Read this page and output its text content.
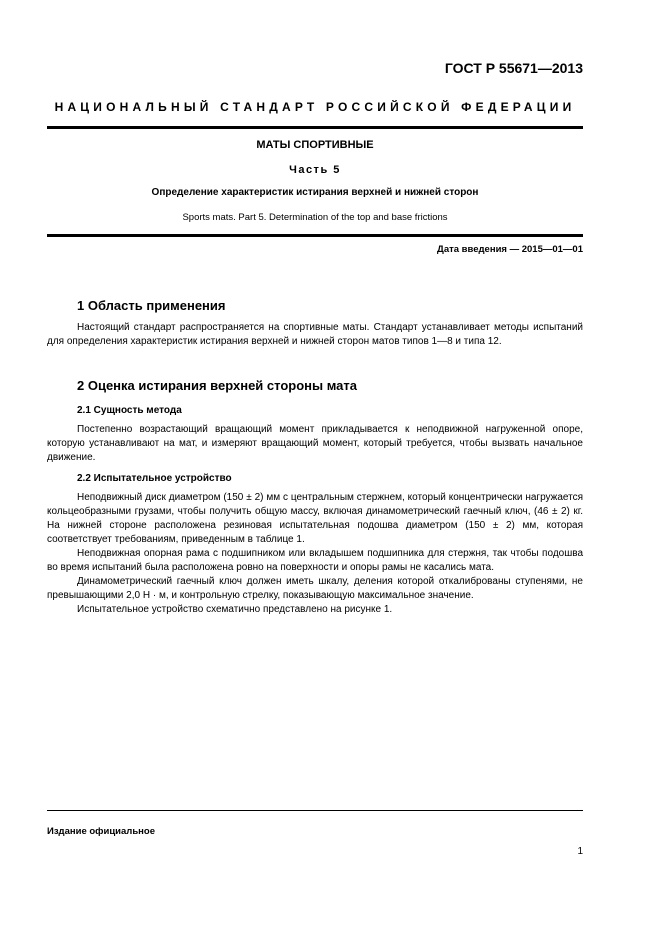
ГОСТ Р 55671—2013
НАЦИОНАЛЬНЫЙ СТАНДАРТ РОССИЙСКОЙ ФЕДЕРАЦИИ
МАТЫ СПОРТИВНЫЕ
Часть 5
Определение характеристик истирания верхней и нижней сторон
Sports mats. Part 5. Determination of the top and base frictions
Дата введения — 2015—01—01
1 Область применения
Настоящий стандарт распространяется на спортивные маты. Стандарт устанавливает методы испытаний для определения характеристик истирания верхней и нижней сторон матов типов 1—8 и типа 12.
2 Оценка истирания верхней стороны мата
2.1 Сущность метода
Постепенно возрастающий вращающий момент прикладывается к неподвижной нагруженной опоре, которую устанавливают на мат, и измеряют вращающий момент, который требуется, чтобы вызвать начальное движение.
2.2 Испытательное устройство
Неподвижный диск диаметром (150 ± 2) мм с центральным стержнем, который концентрически нагружается кольцеобразными грузами, чтобы получить общую массу, включая динамометрический гаечный ключ, (46 ± 2) кг. На нижней стороне расположена резиновая испытательная подошва диаметром (150 ± 2) мм, которая соответствует требованиям, приведенным в таблице 1.
Неподвижная опорная рама с подшипником или вкладышем подшипника для стержня, так чтобы подошва во время испытаний была расположена ровно на поверхности и опоры рамы не касались мата.
Динамометрический гаечный ключ должен иметь шкалу, деления которой откалиброваны ступенями, не превышающими 2,0 Н · м, и контрольную стрелку, показывающую максимальное значение.
Испытательное устройство схематично представлено на рисунке 1.
Издание официальное
1
